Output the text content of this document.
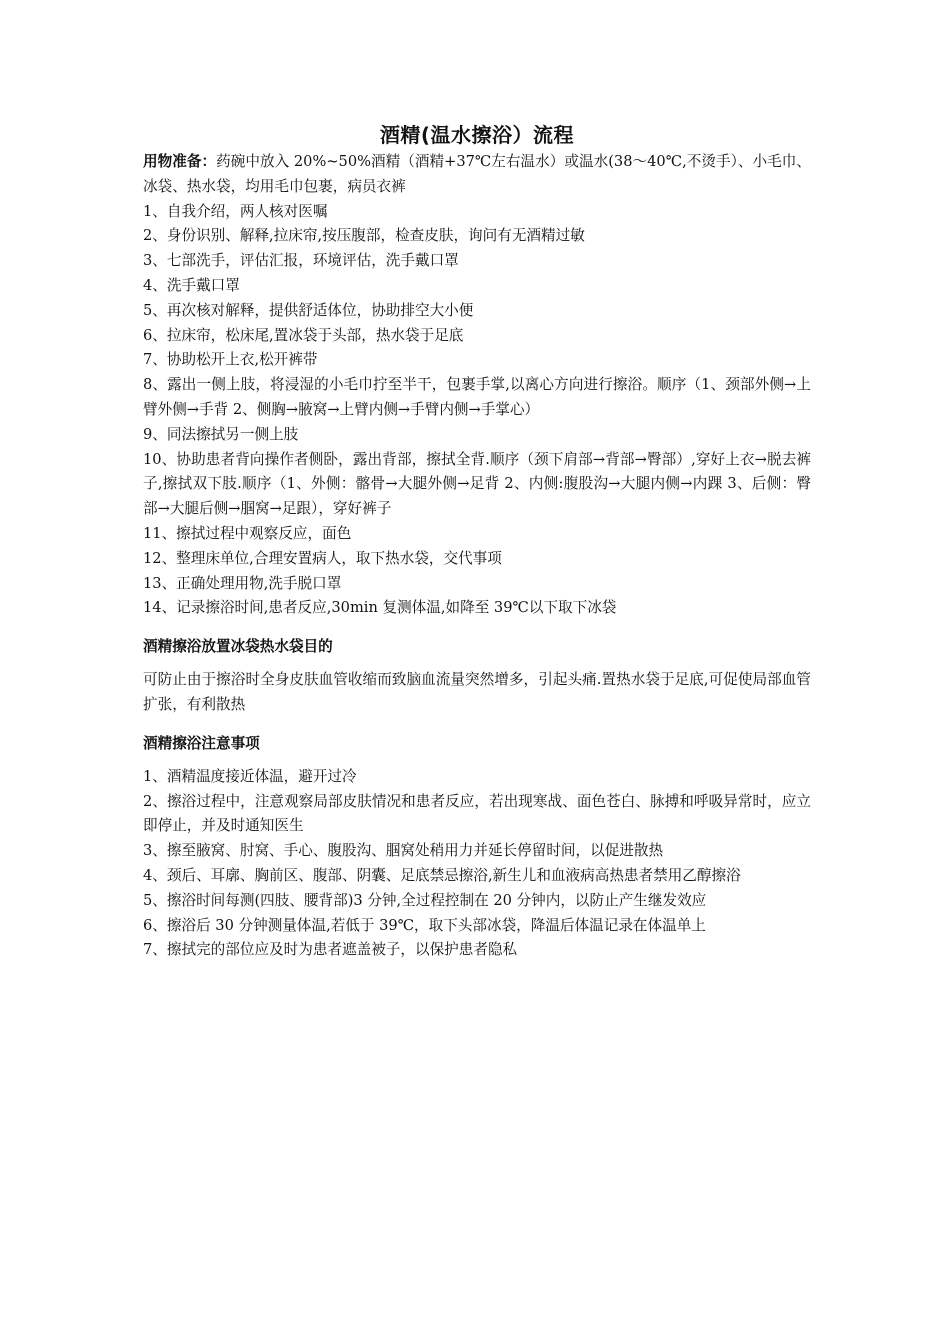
酒精(温水擦浴）流程

用物准备：药碗中放入 20%~50%酒精（酒精+37℃左右温水）或温水(38～40℃,不烫手）、小毛巾、冰袋、热水袋，均用毛巾包裹，病员衣裤

1、自我介绍，两人核对医嘱
2、身份识别、解释,拉床帘,按压腹部，检查皮肤，询问有无酒精过敏
3、七部洗手，评估汇报，环境评估，洗手戴口罩
4、洗手戴口罩
5、再次核对解释，提供舒适体位，协助排空大小便
6、拉床帘，松床尾,置冰袋于头部，热水袋于足底
7、协助松开上衣,松开裤带
8、露出一侧上肢，将浸湿的小毛巾拧至半干，包裹手掌,以离心方向进行擦浴。顺序（1、颈部外侧→上臂外侧→手背 2、侧胸→腋窝→上臂内侧→手臂内侧→手掌心）
9、同法擦拭另一侧上肢
10、协助患者背向操作者侧卧，露出背部，擦拭全背.顺序（颈下肩部→背部→臀部）,穿好上衣→脱去裤子,擦拭双下肢.顺序（1、外侧：髂骨→大腿外侧→足背 2、内侧:腹股沟→大腿内侧→内踝 3、后侧：臀部→大腿后侧→腘窝→足跟），穿好裤子
11、擦拭过程中观察反应，面色
12、整理床单位,合理安置病人，取下热水袋，交代事项
13、正确处理用物,洗手脱口罩
14、记录擦浴时间,患者反应,30min 复测体温,如降至 39℃以下取下冰袋
酒精擦浴放置冰袋热水袋目的

可防止由于擦浴时全身皮肤血管收缩而致脑血流量突然增多，引起头痛.置热水袋于足底,可促使局部血管扩张，有利散热

酒精擦浴注意事项
1、酒精温度接近体温，避开过冷
2、擦浴过程中，注意观察局部皮肤情况和患者反应，若出现寒战、面色苍白、脉搏和呼吸异常时，应立即停止，并及时通知医生
3、擦至腋窝、肘窝、手心、腹股沟、腘窝处稍用力并延长停留时间，以促进散热
4、颈后、耳廓、胸前区、腹部、阴囊、足底禁忌擦浴,新生儿和血液病高热患者禁用乙醇擦浴
5、擦浴时间每测(四肢、腰背部)3 分钟,全过程控制在 20 分钟内，以防止产生继发效应
6、擦浴后 30 分钟测量体温,若低于 39℃，取下头部冰袋，降温后体温记录在体温单上
7、擦拭完的部位应及时为患者遮盖被子，以保护患者隐私
